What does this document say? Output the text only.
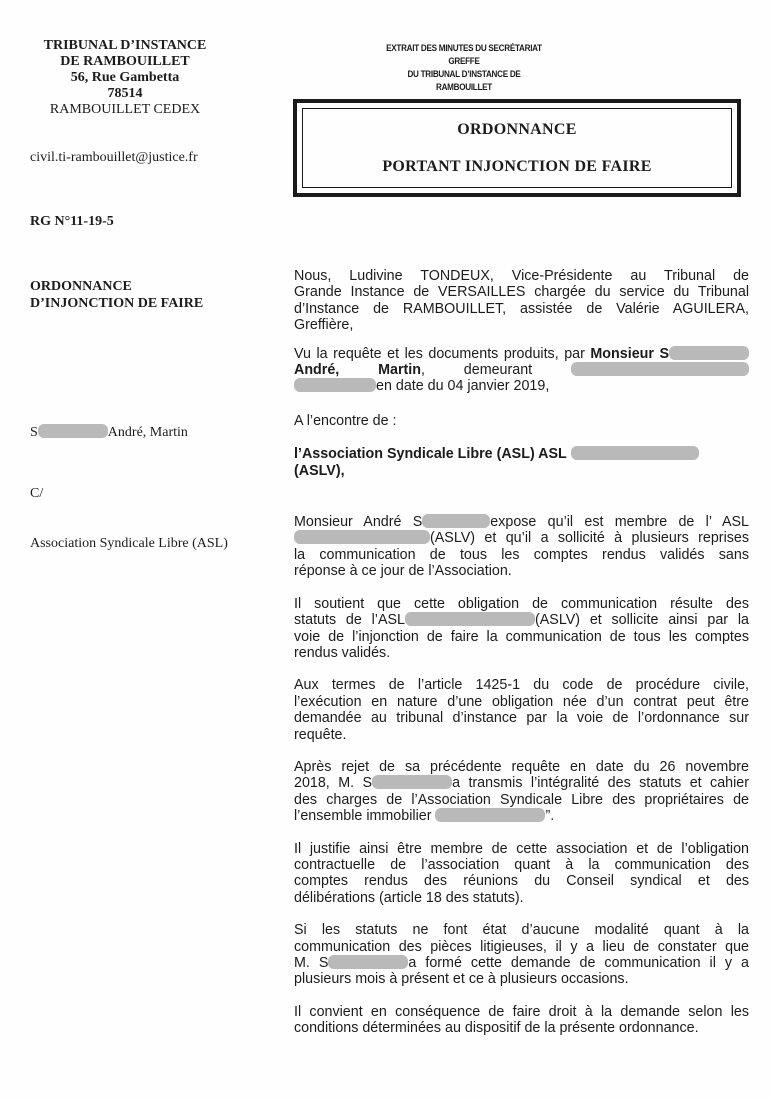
TRIBUNAL D’INSTANCE
DE RAMBOUILLET
56, Rue Gambetta
78514
RAMBOUILLET CEDEX
civil.ti-rambouillet@justice.fr
RG N°11-19-5
ORDONNANCE
D’INJONCTION DE FAIRE
S	André, Martin
C/
Association Syndicale Libre (ASL)
EXTRAIT DES MINUTES DU SECRÉTARIAT GREFFE
DU TRIBUNAL D’INSTANCE DE RAMBOUILLET
ORDONNANCE
PORTANT INJONCTION DE FAIRE

Nous, Ludivine TONDEUX, Vice-Présidente au Tribunal de
Grande Instance de VERSAILLES chargée du service du Tribunal
d’Instance de RAMBOUILLET, assistée de Valérie AGUILERA,
Greffière,

Vu la requête et les documents produits, par Monsieur S
André, Martin, demeurant
en date du 04 janvier 2019,

A l’encontre de :

l’Association Syndicale Libre (ASL) ASL
(ASLV),

Monsieur André S	expose qu’il est membre de l’ ASL
(ASLV) et qu’il a sollicité à plusieurs reprises
la communication de tous les comptes rendus validés sans
réponse à ce jour de l’Association.

Il soutient que cette obligation de communication résulte des
statuts de l’ASL	(ASLV) et sollicite ainsi par la
voie de l’injonction de faire la communication de tous les comptes
rendus validés.

Aux termes de l’article 1425-1 du code de procédure civile,
l’exécution en nature d’une obligation née d’un contrat peut être
demandée au tribunal d’instance par la voie de l’ordonnance sur
requête.

Après rejet de sa précédente requête en date du 26 novembre
2018, M. S	a transmis l’intégralité des statuts et cahier
des charges de l’Association Syndicale Libre des propriétaires de
l’ensemble immobilier	”.

Il justifie ainsi être membre de cette association et de l’obligation
contractuelle de l’association quant à la communication des
comptes rendus des réunions du Conseil syndical et des
délibérations (article 18 des statuts).

Si les statuts ne font état d’aucune modalité quant à la
communication des pièces litigieuses, il y a lieu de constater que
M. S	a formé cette demande de communication il y a
plusieurs mois à présent et ce à plusieurs occasions.

Il convient en conséquence de faire droit à la demande selon les
conditions déterminées au dispositif de la présente ordonnance.
